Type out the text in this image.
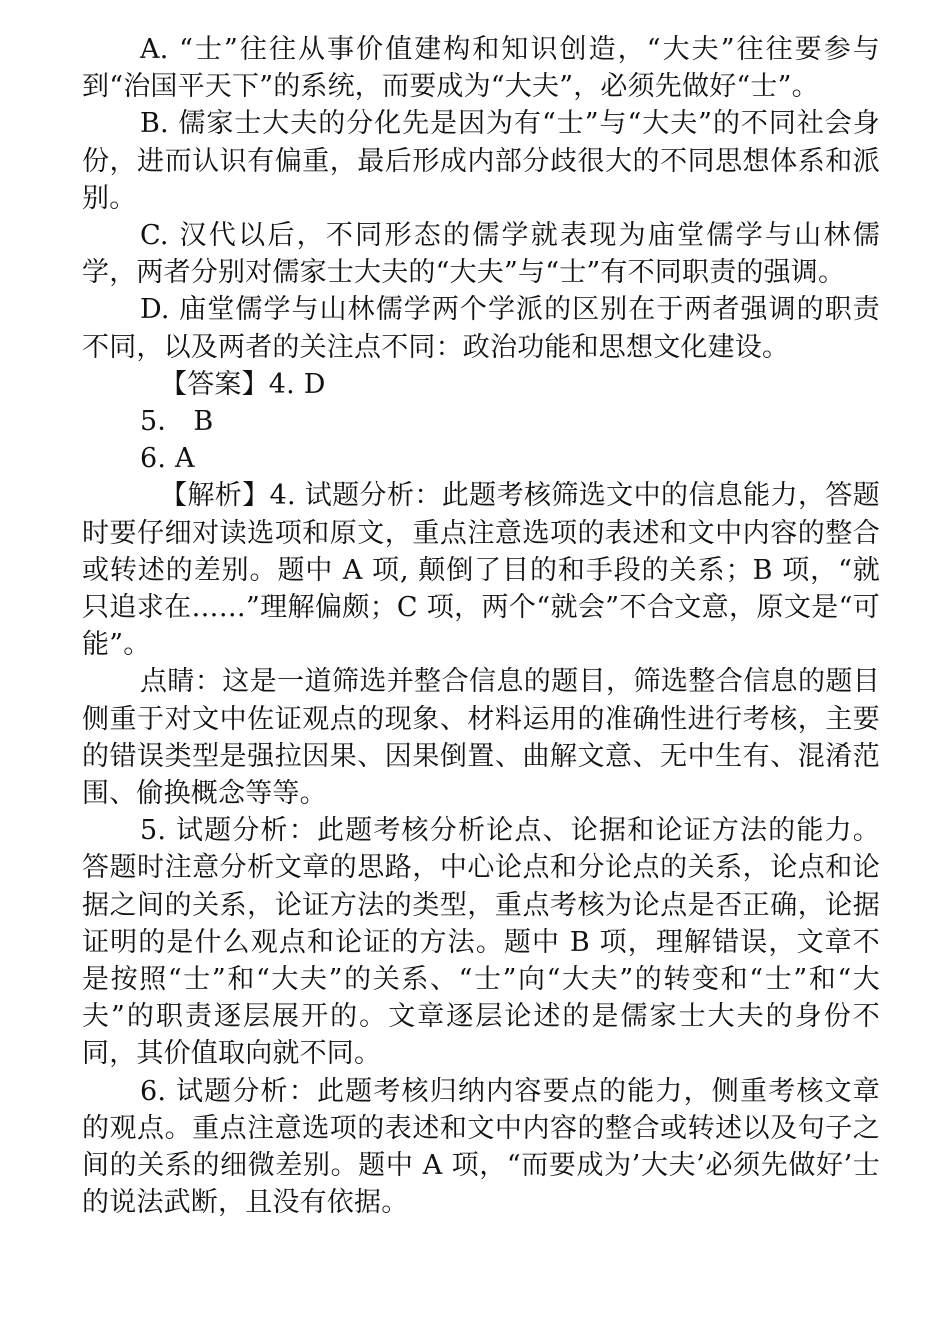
A. “士”往往从事价值建构和知识创造，“大夫”往往要参与到“治国平天下”的系统，而要成为“大夫”，必须先做好“士”。

B. 儒家士大夫的分化先是因为有“士”与“大夫”的不同社会身份，进而认识有偏重，最后形成内部分歧很大的不同思想体系和派别。

C. 汉代以后，不同形态的儒学就表现为庙堂儒学与山林儒学，两者分别对儒家士大夫的“大夫”与“士”有不同职责的强调。

D. 庙堂儒学与山林儒学两个学派的区别在于两者强调的职责不同，以及两者的关注点不同：政治功能和思想文化建设。

【答案】4. D

5． B

6. A

【解析】4. 试题分析：此题考核筛选文中的信息能力，答题时要仔细对读选项和原文，重点注意选项的表述和文中内容的整合或转述的差别。题中 A 项, 颠倒了目的和手段的关系；B 项，“就只追求在……”理解偏颇；C 项，两个“就会”不合文意，原文是“可能”。

点睛：这是一道筛选并整合信息的题目，筛选整合信息的题目侧重于对文中佐证观点的现象、材料运用的准确性进行考核，主要的错误类型是强拉因果、因果倒置、曲解文意、无中生有、混淆范围、偷换概念等等。

5. 试题分析：此题考核分析论点、论据和论证方法的能力。答题时注意分析文章的思路，中心论点和分论点的关系，论点和论据之间的关系，论证方法的类型，重点考核为论点是否正确，论据证明的是什么观点和论证的方法。题中 B 项，理解错误，文章不是按照“士”和“大夫”的关系、“士”向“大夫”的转变和“士”和“大夫”的职责逐层展开的。文章逐层论述的是儒家士大夫的身份不同，其价值取向就不同。

6. 试题分析：此题考核归纳内容要点的能力，侧重考核文章的观点。重点注意选项的表述和文中内容的整合或转述以及句子之间的关系的细微差别。题中 A 项，“而要成为’大夫’必须先做好’士的说法武断，且没有依据。
